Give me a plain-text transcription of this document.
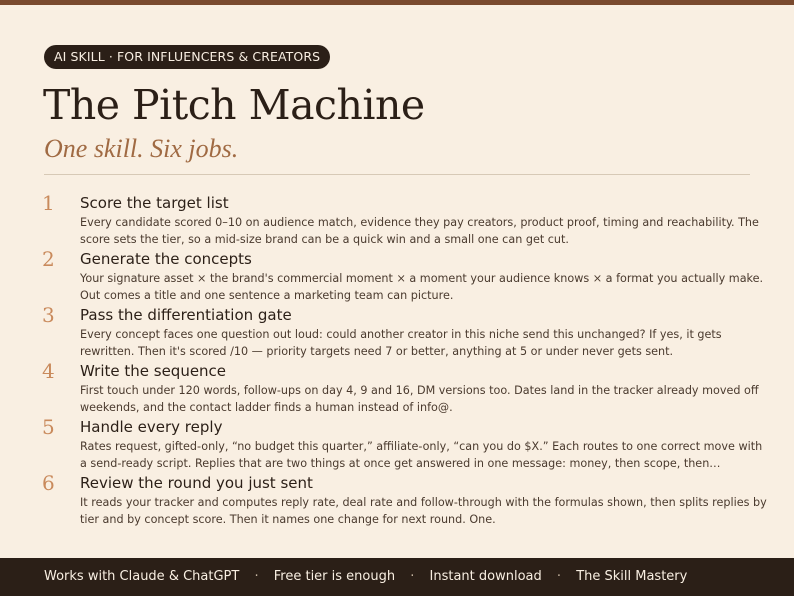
AI SKILL · FOR INFLUENCERS & CREATORS
The Pitch Machine

One skill. Six jobs.

1	Score the target list

Every candidate scored 0–10 on audience match, evidence they pay creators, product proof, timing and reachability. The score sets the tier, so a mid-size brand can be a quick win and a small one can get cut.

2	Generate the concepts

Your signature asset × the brand's commercial moment × a moment your audience knows × a format you actually make. Out comes a title and one sentence a marketing team can picture.

3	Pass the differentiation gate

Every concept faces one question out loud: could another creator in this niche send this unchanged? If yes, it gets rewritten. Then it's scored /10 — priority targets need 7 or better, anything at 5 or under never gets sent.

4	Write the sequence

First touch under 120 words, follow-ups on day 4, 9 and 16, DM versions too. Dates land in the tracker already moved off weekends, and the contact ladder finds a human instead of info@.

5	Handle every reply

Rates request, gifted-only, “no budget this quarter,” affiliate-only, “can you do $X.” Each routes to one correct move with a send-ready script. Replies that are two things at once get answered in one message: money, then scope, then…

6	Review the round you just sent

It reads your tracker and computes reply rate, deal rate and follow-through with the formulas shown, then splits replies by tier and by concept score. Then it names one change for next round. One.

Works with Claude & ChatGPT · Free tier is enough · Instant download · The Skill Mastery
